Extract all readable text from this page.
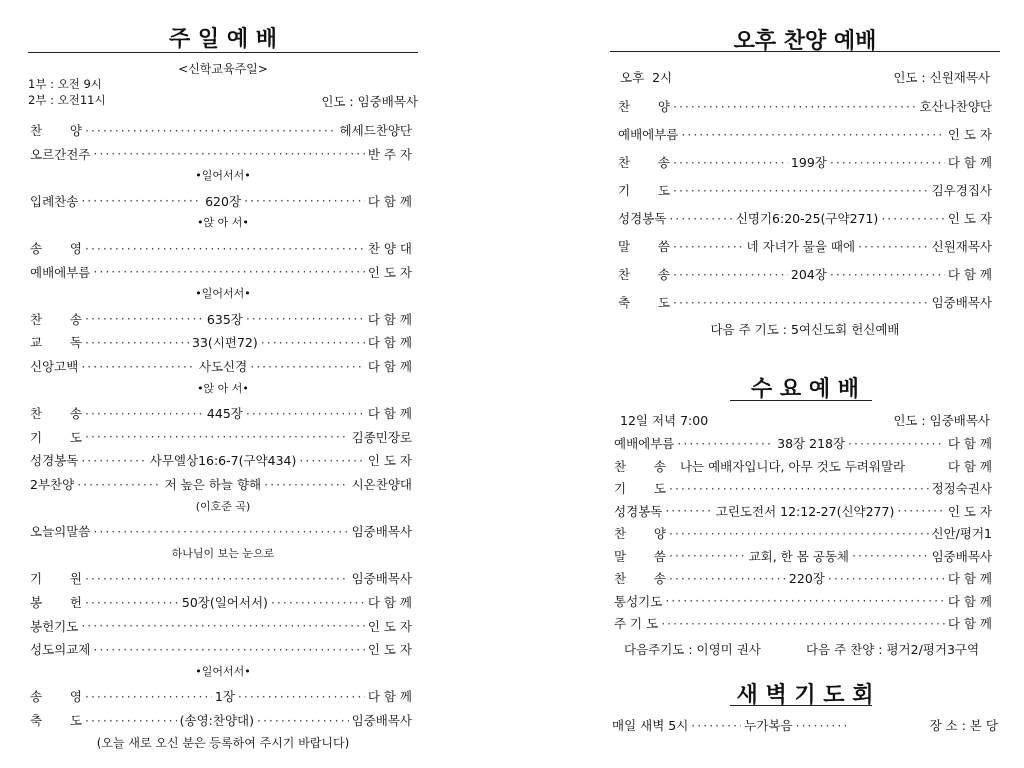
주 일 예 배
<신학교육주일>
1부 : 오전 9시
2부 : 오전11시	인도 : 임중배목사
찬       양 ·····	헤세드찬양단
오르간전주 ·····	반 주 자
•일어서서•
입례찬송 ·····	620장 ·····	다 함 께
•앉 아 서•
송       영 ·····	찬 양 대
예배에부름 ·····	인 도 자
•일어서서•
찬       송 ·····	635장 ·····	다 함 께
교       독 ·····	33(시편72) ·····	다 함 께
신앙고백 ·····	사도신경 ·····	다 함 께
•앉 아 서•
찬       송 ·····	445장 ·····	다 함 께
기       도 ·····	김종민장로
성경봉독 ·····	사무엘상16:6-7(구약434) ·····	인 도 자
2부찬양 ·····	저 높은 하늘 향해 ·····	시온찬양대
(이호준 곡)
오늘의말씀 ·····	임중배목사
하나님이 보는 눈으로
기       원 ·····	임중배목사
봉       헌 ·····	50장(일어서서) ·····	다 함 께
봉헌기도 ·····	인 도 자
성도의교제 ·····	인 도 자
•일어서서•
송       영 ·····	1장 ·····	다 함 께
축       도 ·····	(송영:찬양대) ·····	임중배목사
(오늘 새로 오신 분은 등록하여 주시기 바랍니다)
오후 찬양 예배
오후  2시	인도 : 신원재목사
찬       양 ·····	호산나찬양단
예배에부름 ·····	인 도 자
찬       송 ·····	199장 ·····	다 함 께
기       도 ·····	김우경집사
성경봉독 ·····	신명기6:20-25(구약271) ·····	인 도 자
말       씀 ·····	네 자녀가 물을 때에 ·····	신원재목사
찬       송 ·····	204장 ·····	다 함 께
축       도 ·····	임중배목사
다음 주 기도 : 5여신도회 헌신예배
수 요 예 배
12일 저녁 7:00	인도 : 임중배목사
예배에부름 ·····	38장 218장 ·····	다 함 께
찬       송 나는 예배자입니다, 아무 것도 두려워말라	다 함 께
기       도 ·····	정정숙권사
성경봉독 ·····	고린도전서 12:12-27(신약277) ·····	인 도 자
찬       양 ·····	신안/평거1
말       씀 ·····	교회, 한 몸 공동체 ·····	임중배목사
찬       송 ·····	220장 ·····	다 함 께
통성기도 ·····	다 함 께
주 기 도 ·····	다 함 께
다음주기도 : 이영미 권사	다음 주 찬양 : 평거2/평거3구역
새 벽 기 도 회
매일 새벽 5시 ·····	누가복음 ·····	장 소 : 본 당
